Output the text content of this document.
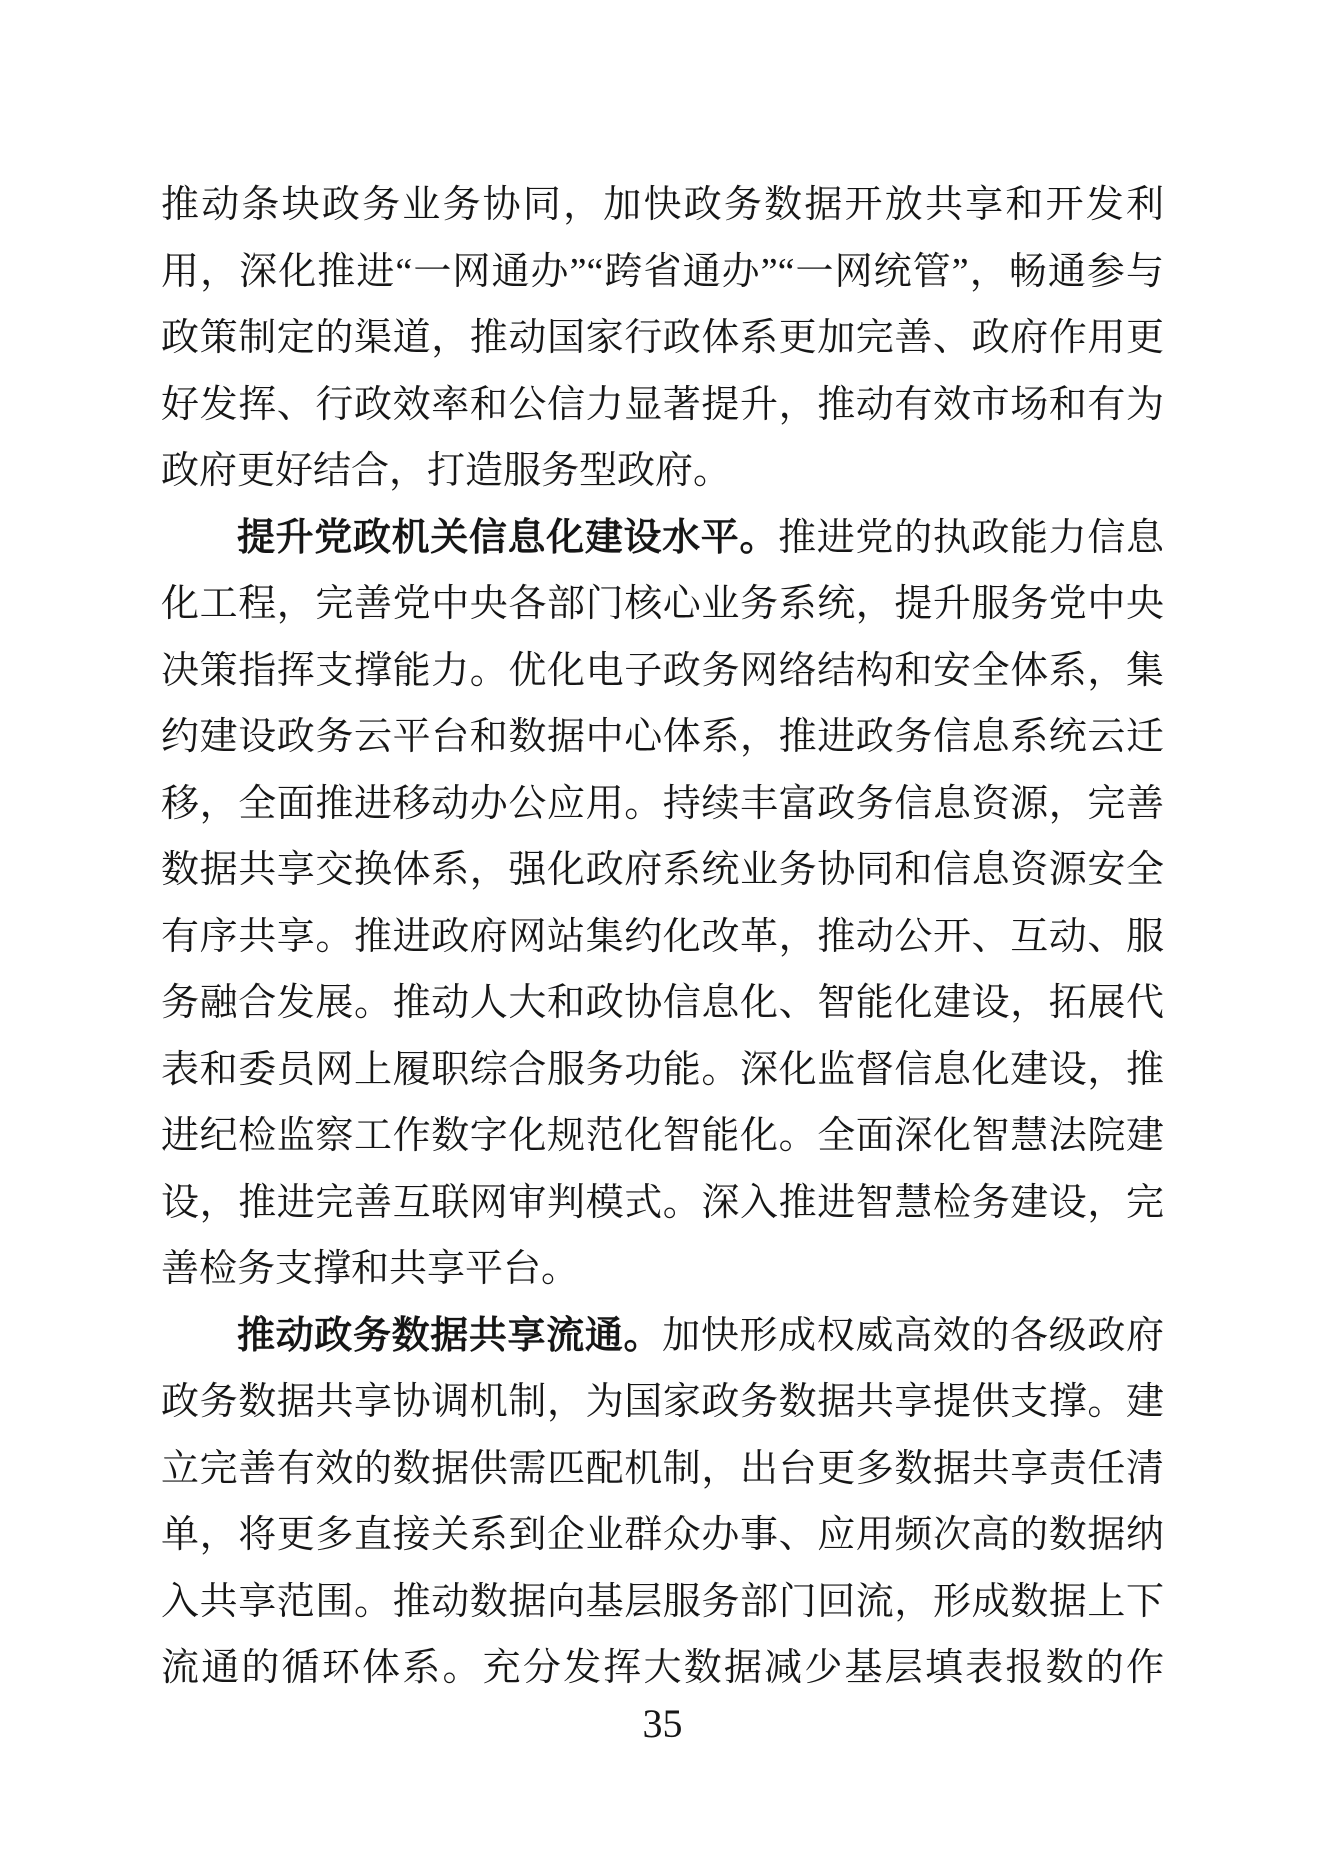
推动条块政务业务协同，加快政务数据开放共享和开发利
用，深化推进“一网通办”“跨省通办”“一网统管”，畅通参与
政策制定的渠道，推动国家行政体系更加完善、政府作用更
好发挥、行政效率和公信力显著提升，推动有效市场和有为
政府更好结合，打造服务型政府。
提升党政机关信息化建设水平。推进党的执政能力信息
化工程，完善党中央各部门核心业务系统，提升服务党中央
决策指挥支撑能力。优化电子政务网络结构和安全体系，集
约建设政务云平台和数据中心体系，推进政务信息系统云迁
移，全面推进移动办公应用。持续丰富政务信息资源，完善
数据共享交换体系，强化政府系统业务协同和信息资源安全
有序共享。推进政府网站集约化改革，推动公开、互动、服
务融合发展。推动人大和政协信息化、智能化建设，拓展代
表和委员网上履职综合服务功能。深化监督信息化建设，推
进纪检监察工作数字化规范化智能化。全面深化智慧法院建
设，推进完善互联网审判模式。深入推进智慧检务建设，完
善检务支撑和共享平台。
推动政务数据共享流通。加快形成权威高效的各级政府
政务数据共享协调机制，为国家政务数据共享提供支撑。建
立完善有效的数据供需匹配机制，出台更多数据共享责任清
单，将更多直接关系到企业群众办事、应用频次高的数据纳
入共享范围。推动数据向基层服务部门回流，形成数据上下
流通的循环体系。充分发挥大数据减少基层填表报数的作
35
